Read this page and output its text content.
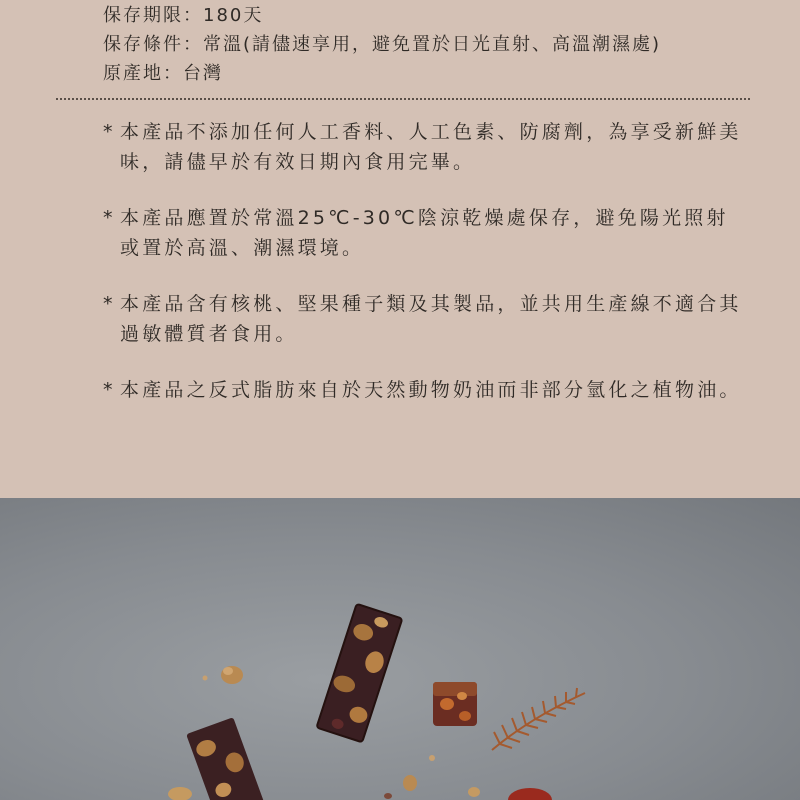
保存期限：180天
保存條件：常溫(請儘速享用，避免置於日光直射、高溫潮濕處)
原產地：台灣
* 本產品不添加任何人工香料、人工色素、防腐劑，為享受新鮮美味，請儘早於有效日期內食用完畢。
* 本產品應置於常溫25℃-30℃陰涼乾燥處保存，避免陽光照射或置於高溫、潮濕環境。
* 本產品含有核桃、堅果種子類及其製品，並共用生產線不適合其過敏體質者食用。
* 本產品之反式脂肪來自於天然動物奶油而非部分氫化之植物油。
